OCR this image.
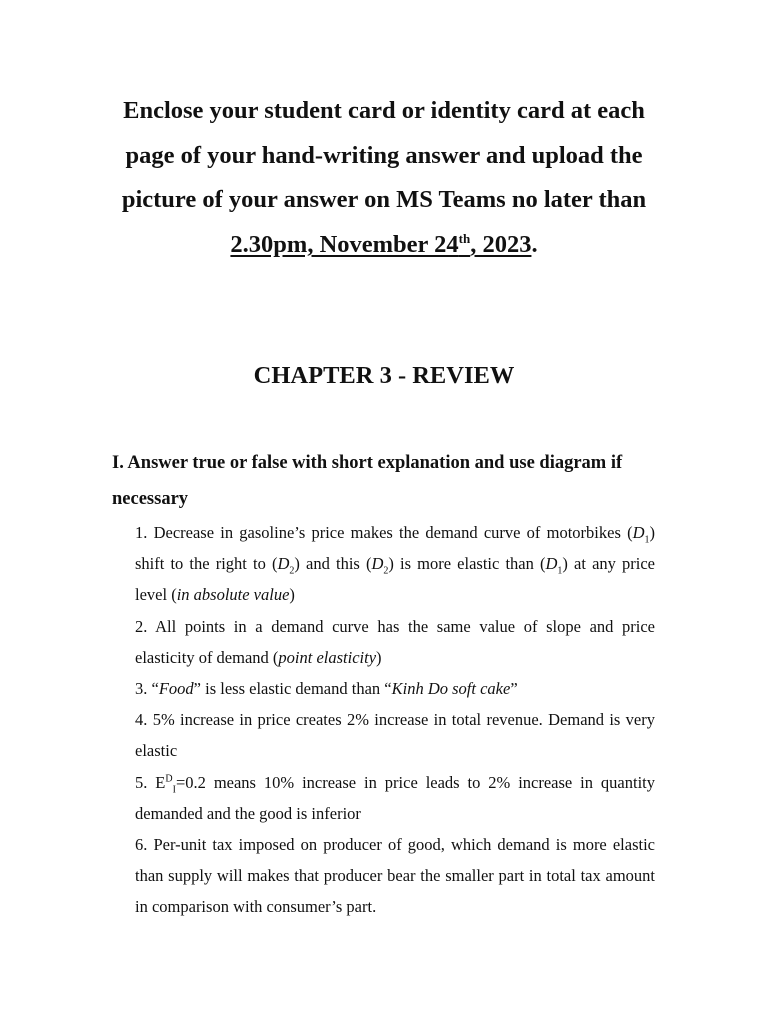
Enclose your student card or identity card at each
page of your hand-writing answer and upload the
picture of your answer on MS Teams no later than
2.30pm, November 24th, 2023.
CHAPTER 3 - REVIEW
I. Answer true or false with short explanation and use diagram if necessary
1. Decrease in gasoline’s price makes the demand curve of motorbikes $(D_1)$ shift to the right to $(D_2)$ and this $(D_2)$ is more elastic than $(D_1)$ at any price level (in absolute value)
2. All points in a demand curve has the same value of slope and price elasticity of demand (point elasticity)
3. “Food” is less elastic demand than “Kinh Do soft cake”
4. 5% increase in price creates 2% increase in total revenue. Demand is very elastic
5. $E^D_I=0.2$ means 10% increase in price leads to 2% increase in quantity demanded and the good is inferior
6. Per-unit tax imposed on producer of good, which demand is more elastic than supply will makes that producer bear the smaller part in total tax amount in comparison with consumer’s part.
